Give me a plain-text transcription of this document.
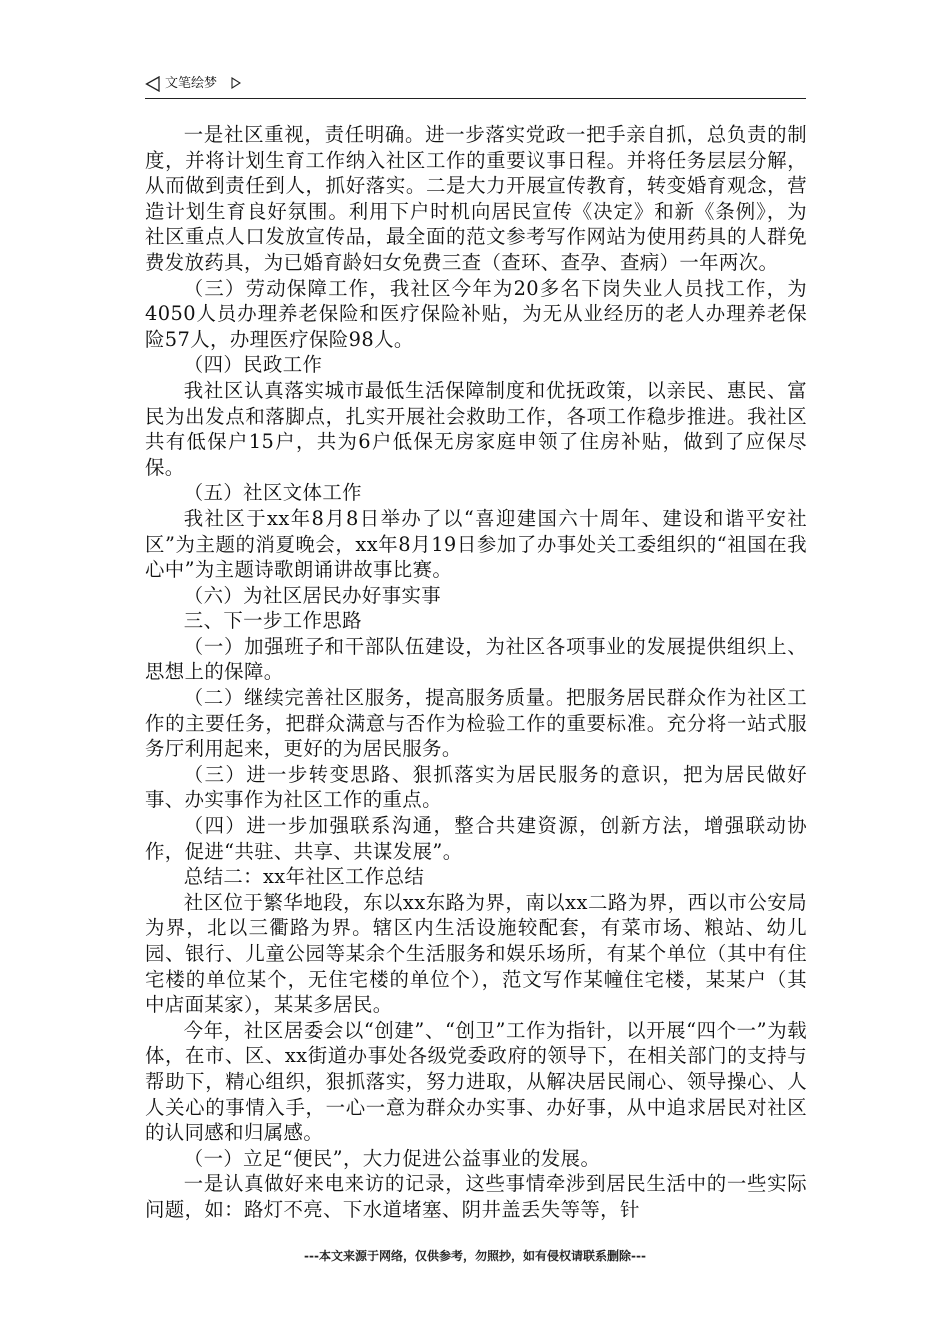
文笔绘梦

一是社区重视，责任明确。进一步落实党政一把手亲自抓，总负责的制度，并将计划生育工作纳入社区工作的重要议事日程。并将任务层层分解，从而做到责任到人，抓好落实。二是大力开展宣传教育，转变婚育观念，营造计划生育良好氛围。利用下户时机向居民宣传《决定》和新《条例》，为社区重点人口发放宣传品，最全面的范文参考写作网站为使用药具的人群免费发放药具，为已婚育龄妇女免费三查（查环、查孕、查病）一年两次。

（三）劳动保障工作，我社区今年为20多名下岗失业人员找工作，为4050人员办理养老保险和医疗保险补贴，为无从业经历的老人办理养老保险57人，办理医疗保险98人。

（四）民政工作

我社区认真落实城市最低生活保障制度和优抚政策，以亲民、惠民、富民为出发点和落脚点，扎实开展社会救助工作，各项工作稳步推进。我社区共有低保户15户，共为6户低保无房家庭申领了住房补贴，做到了应保尽保。

（五）社区文体工作

我社区于xx年8月8日举办了以“喜迎建国六十周年、建设和谐平安社区”为主题的消夏晚会，xx年8月19日参加了办事处关工委组织的“祖国在我心中”为主题诗歌朗诵讲故事比赛。

（六）为社区居民办好事实事

三、下一步工作思路

（一）加强班子和干部队伍建设，为社区各项事业的发展提供组织上、思想上的保障。

（二）继续完善社区服务，提高服务质量。把服务居民群众作为社区工作的主要任务，把群众满意与否作为检验工作的重要标准。充分将一站式服务厅利用起来，更好的为居民服务。

（三）进一步转变思路、狠抓落实为居民服务的意识，把为居民做好事、办实事作为社区工作的重点。

（四）进一步加强联系沟通，整合共建资源，创新方法，增强联动协作，促进“共驻、共享、共谋发展”。

总结二：xx年社区工作总结

社区位于繁华地段，东以xx东路为界，南以xx二路为界，西以市公安局为界，北以三衢路为界。辖区内生活设施较配套，有菜市场、粮站、幼儿园、银行、儿童公园等某余个生活服务和娱乐场所，有某个单位（其中有住宅楼的单位某个，无住宅楼的单位个），范文写作某幢住宅楼，某某户（其中店面某家），某某多居民。

今年，社区居委会以“创建”、“创卫”工作为指针，以开展“四个一”为载体，在市、区、xx街道办事处各级党委政府的领导下，在相关部门的支持与帮助下，精心组织，狠抓落实，努力进取，从解决居民闹心、领导操心、人人关心的事情入手，一心一意为群众办实事、办好事，从中追求居民对社区的认同感和归属感。

（一）立足“便民”，大力促进公益事业的发展。

一是认真做好来电来访的记录，这些事情牵涉到居民生活中的一些实际问题，如：路灯不亮、下水道堵塞、阴井盖丢失等等，针

---本文来源于网络，仅供参考，勿照抄，如有侵权请联系删除---
